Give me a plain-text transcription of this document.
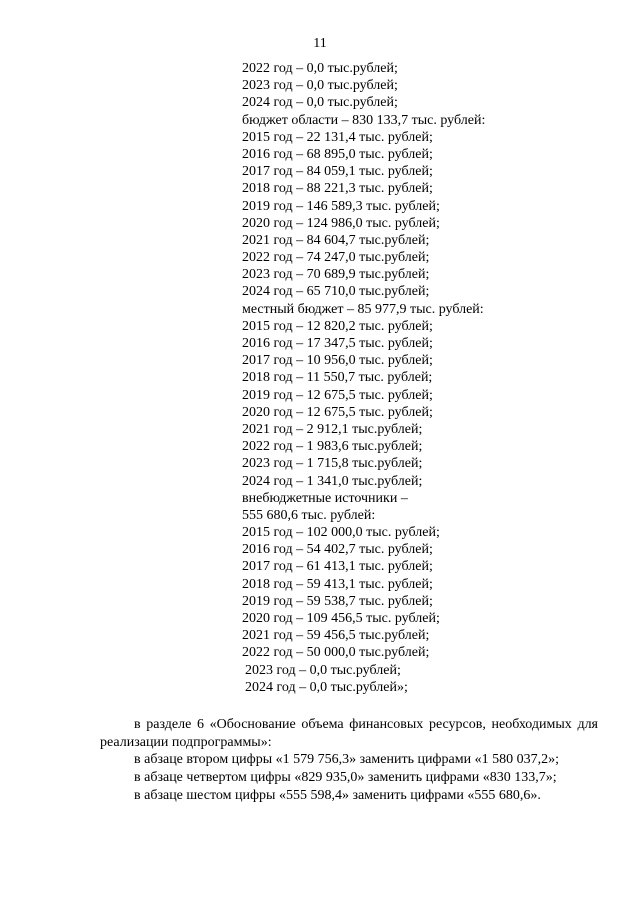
11
2022 год – 0,0 тыс.рублей;
2023 год – 0,0 тыс.рублей;
2024 год – 0,0 тыс.рублей;
бюджет области – 830 133,7 тыс. рублей:
2015 год – 22 131,4 тыс. рублей;
2016 год – 68 895,0 тыс. рублей;
2017 год – 84 059,1 тыс. рублей;
2018 год – 88 221,3 тыс. рублей;
2019 год – 146 589,3 тыс. рублей;
2020 год – 124 986,0 тыс. рублей;
2021 год – 84 604,7 тыс.рублей;
2022 год – 74 247,0 тыс.рублей;
2023 год – 70 689,9 тыс.рублей;
2024 год – 65 710,0 тыс.рублей;
местный бюджет – 85 977,9 тыс. рублей:
2015 год – 12 820,2 тыс. рублей;
2016 год – 17 347,5 тыс. рублей;
2017 год – 10 956,0 тыс. рублей;
2018 год – 11 550,7 тыс. рублей;
2019 год – 12 675,5 тыс. рублей;
2020 год – 12 675,5 тыс. рублей;
2021 год – 2 912,1 тыс.рублей;
2022 год – 1 983,6 тыс.рублей;
2023 год – 1 715,8 тыс.рублей;
2024 год – 1 341,0 тыс.рублей;
внебюджетные источники –
555 680,6 тыс. рублей:
2015 год – 102 000,0 тыс. рублей;
2016 год – 54 402,7 тыс. рублей;
2017 год – 61 413,1 тыс. рублей;
2018 год – 59 413,1 тыс. рублей;
2019 год – 59 538,7 тыс. рублей;
2020 год – 109 456,5 тыс. рублей;
2021 год – 59 456,5 тыс.рублей;
2022 год – 50 000,0 тыс.рублей;
2023 год – 0,0 тыс.рублей;
2024 год – 0,0 тыс.рублей»;
в разделе 6 «Обоснование объема финансовых ресурсов, необходимых для реализации подпрограммы»:
в абзаце втором цифры «1 579 756,3» заменить цифрами «1 580 037,2»;
в абзаце четвертом цифры «829 935,0» заменить цифрами «830 133,7»;
в абзаце шестом цифры «555 598,4» заменить цифрами «555 680,6».
